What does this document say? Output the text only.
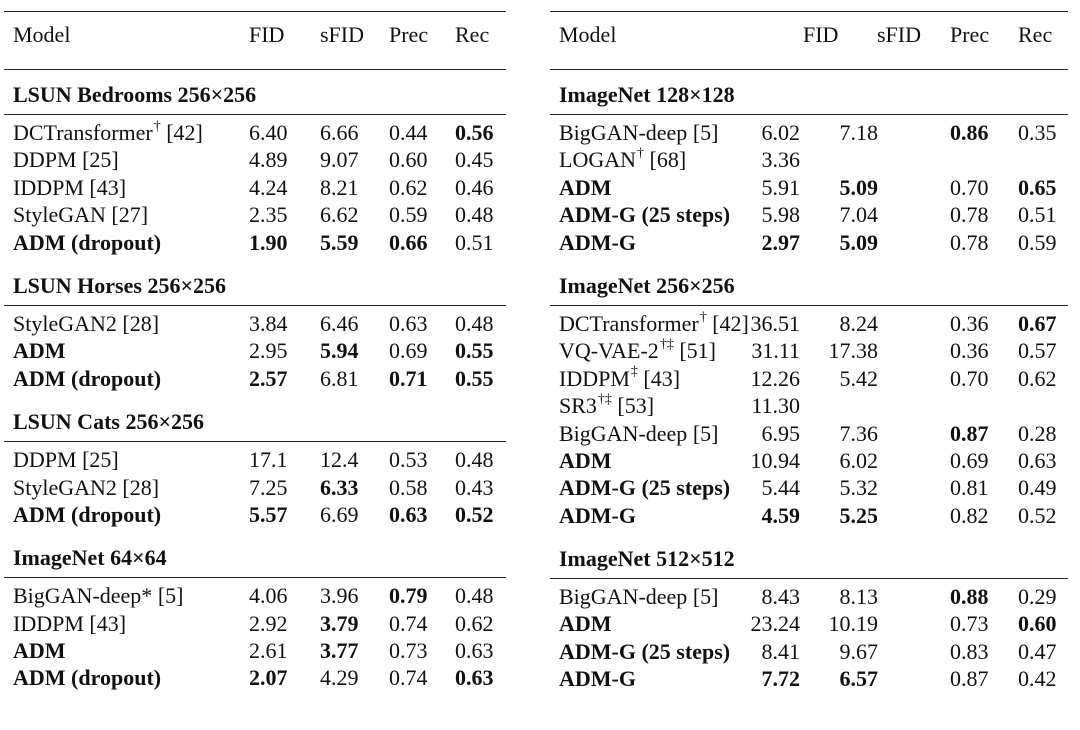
Model	FID sFID Prec Rec
LSUN Bedrooms 256×256
DCTransformer† [42] 6.40 6.66 0.44 0.56
DDPM [25]	4.89 9.07 0.60 0.45
IDDPM [43]	4.24 8.21 0.62 0.46
StyleGAN [27]	2.35 6.62 0.59 0.48
ADM (dropout)	1.90 5.59 0.66 0.51
LSUN Horses 256×256
StyleGAN2 [28]	3.84 6.46 0.63 0.48
ADM	2.95 5.94 0.69 0.55
ADM (dropout)	2.57 6.81 0.71 0.55
LSUN Cats 256×256
DDPM [25]	17.1 12.4 0.53 0.48
StyleGAN2 [28]	7.25 6.33 0.58 0.43
ADM (dropout)	5.57 6.69 0.63 0.52
ImageNet 64×64
BigGAN-deep* [5]	4.06 3.96 0.79 0.48
IDDPM [43]	2.92 3.79 0.74 0.62
ADM	2.61 3.77 0.73 0.63
ADM (dropout)	2.07 4.29 0.74 0.63
Model	FID sFID Prec Rec
ImageNet 128×128
BigGAN-deep [5] 6.02 7.18	0.86 0.35
LOGAN† [68]	3.36
ADM	5.91 5.09	0.70 0.65
ADM-G (25 steps) 5.98 7.04	0.78 0.51
ADM-G	2.97 5.09	0.78 0.59
ImageNet 256×256
DCTransformer† [42] 36.51 8.24	0.36 0.67
VQ-VAE-2†‡ [51] 31.11 17.38	0.36 0.57
IDDPM‡ [43]	12.26 5.42	0.70 0.62
SR3†‡ [53]	11.30
BigGAN-deep [5] 6.95 7.36	0.87 0.28
ADM	10.94 6.02	0.69 0.63
ADM-G (25 steps) 5.44 5.32	0.81 0.49
ADM-G	4.59 5.25	0.82 0.52
ImageNet 512×512
BigGAN-deep [5] 8.43 8.13	0.88 0.29
ADM	23.24 10.19	0.73 0.60
ADM-G (25 steps) 8.41 9.67	0.83 0.47
ADM-G	7.72 6.57	0.87 0.42
